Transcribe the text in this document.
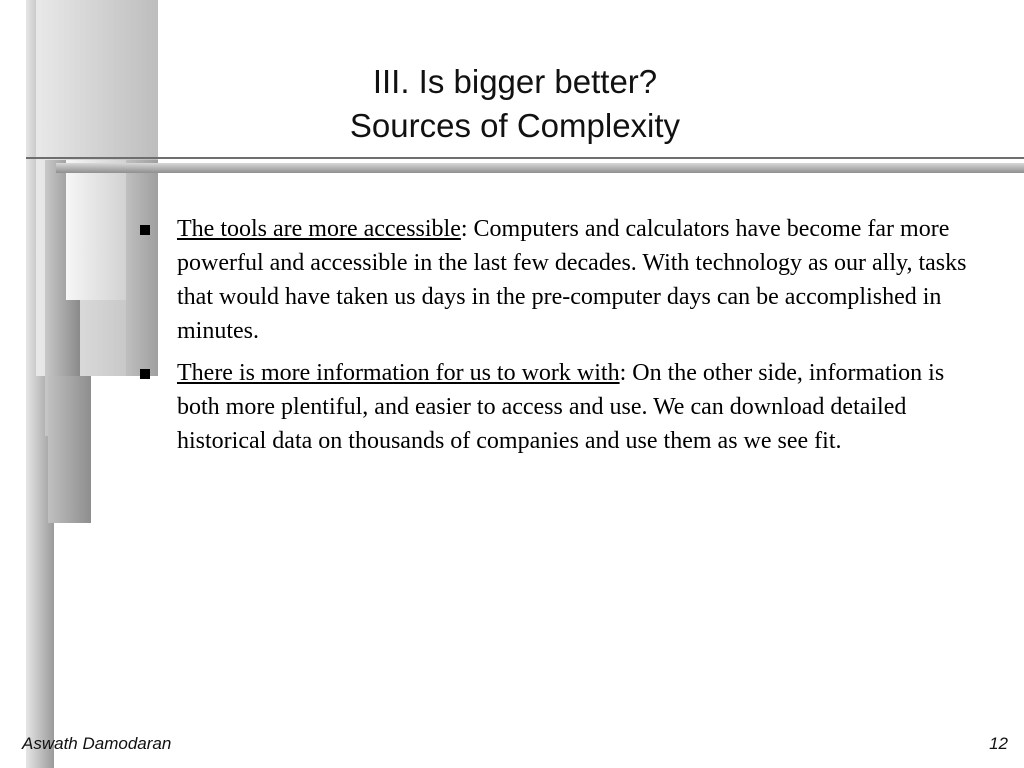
III. Is bigger better?
Sources of Complexity
The tools are more accessible: Computers and calculators have become far more powerful and accessible in the last few decades. With technology as our ally, tasks that would have taken us days in the pre-computer days can be accomplished in minutes.
There is more information for us to work with: On the other side, information is both more plentiful, and easier to access and use. We can download detailed historical data on thousands of companies and use them as we see fit.
Aswath Damodaran	12
